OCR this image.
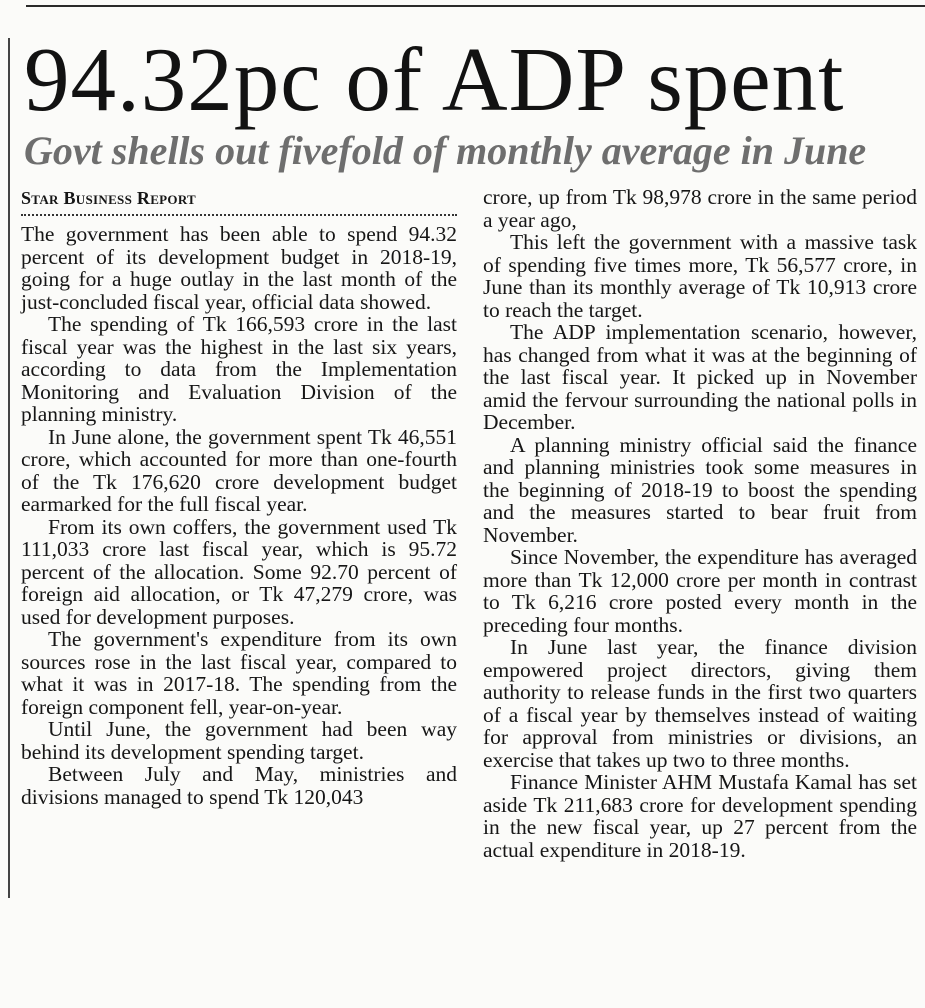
94.32pc of ADP spent
Govt shells out fivefold of monthly average in June
Star Business Report

The government has been able to spend 94.32 percent of its development budget in 2018-19, going for a huge outlay in the last month of the just-concluded fiscal year, official data showed.

The spending of Tk 166,593 crore in the last fiscal year was the highest in the last six years, according to data from the Implementation Monitoring and Evaluation Division of the planning ministry.

In June alone, the government spent Tk 46,551 crore, which accounted for more than one-fourth of the Tk 176,620 crore development budget earmarked for the full fiscal year.

From its own coffers, the government used Tk 111,033 crore last fiscal year, which is 95.72 percent of the allocation. Some 92.70 percent of foreign aid allocation, or Tk 47,279 crore, was used for development purposes.

The government's expenditure from its own sources rose in the last fiscal year, compared to what it was in 2017-18. The spending from the foreign component fell, year-on-year.

Until June, the government had been way behind its development spending target.

Between July and May, ministries and divisions managed to spend Tk 120,043

crore, up from Tk 98,978 crore in the same period a year ago,

This left the government with a massive task of spending five times more, Tk 56,577 crore, in June than its monthly average of Tk 10,913 crore to reach the target.

The ADP implementation scenario, however, has changed from what it was at the beginning of the last fiscal year. It picked up in November amid the fervour surrounding the national polls in December.

A planning ministry official said the finance and planning ministries took some measures in the beginning of 2018-19 to boost the spending and the measures started to bear fruit from November.

Since November, the expenditure has averaged more than Tk 12,000 crore per month in contrast to Tk 6,216 crore posted every month in the preceding four months.

In June last year, the finance division empowered project directors, giving them authority to release funds in the first two quarters of a fiscal year by themselves instead of waiting for approval from ministries or divisions, an exercise that takes up two to three months.

Finance Minister AHM Mustafa Kamal has set aside Tk 211,683 crore for development spending in the new fiscal year, up 27 percent from the actual expenditure in 2018-19.
